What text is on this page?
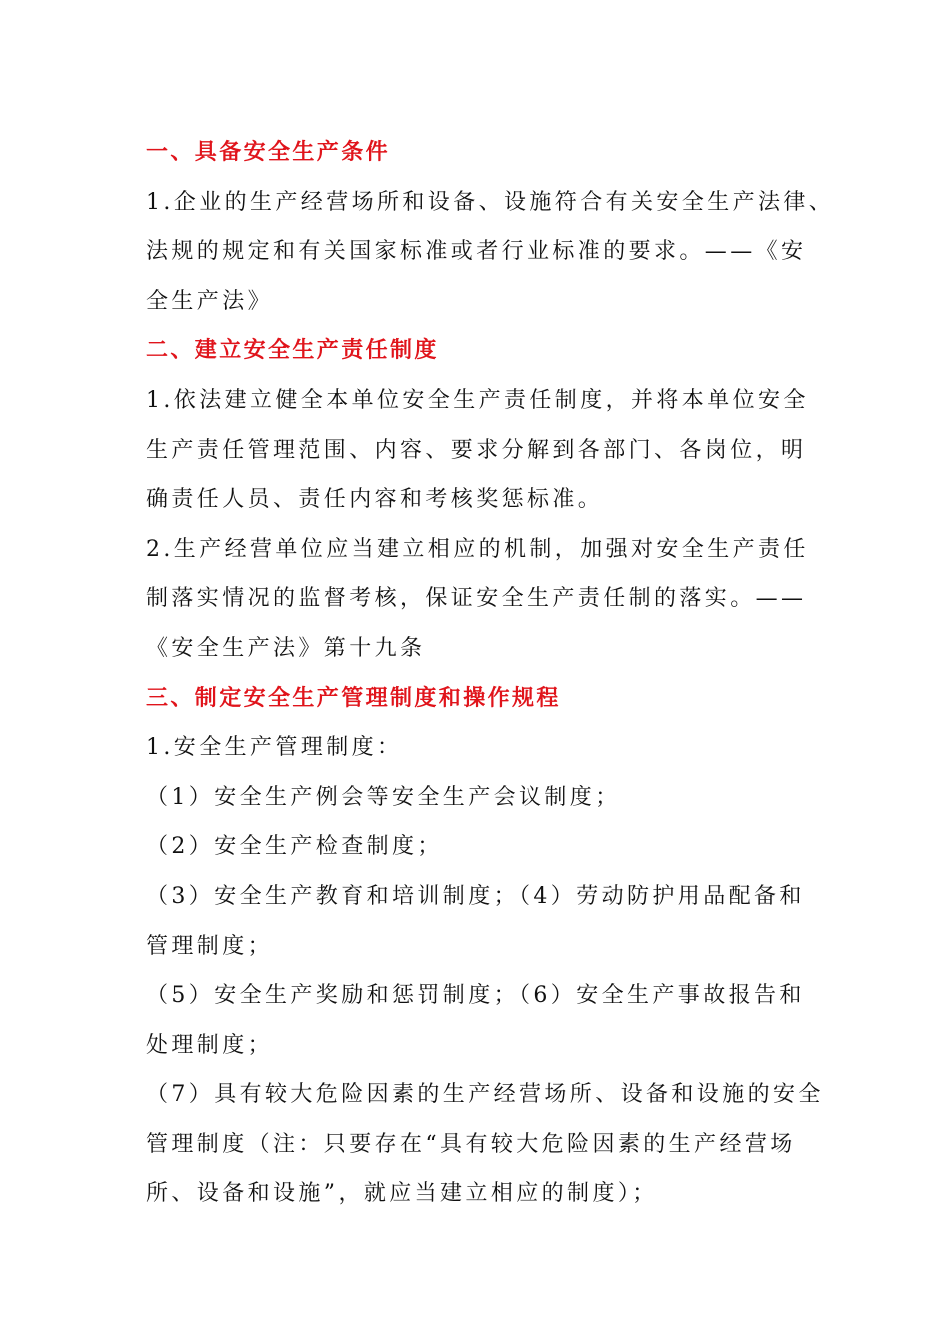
一、具备安全生产条件
1.企业的生产经营场所和设备、设施符合有关安全生产法律、
法规的规定和有关国家标准或者行业标准的要求。——《安
全生产法》
二、建立安全生产责任制度
1.依法建立健全本单位安全生产责任制度，并将本单位安全
生产责任管理范围、内容、要求分解到各部门、各岗位，明
确责任人员、责任内容和考核奖惩标准。
2.生产经营单位应当建立相应的机制，加强对安全生产责任
制落实情况的监督考核，保证安全生产责任制的落实。——
《安全生产法》第十九条
三、制定安全生产管理制度和操作规程
1.安全生产管理制度：
（1）安全生产例会等安全生产会议制度；
（2）安全生产检查制度；
（3）安全生产教育和培训制度；（4）劳动防护用品配备和
管理制度；
（5）安全生产奖励和惩罚制度；（6）安全生产事故报告和
处理制度；
（7）具有较大危险因素的生产经营场所、设备和设施的安全
管理制度（注：只要存在“具有较大危险因素的生产经营场
所、设备和设施”，就应当建立相应的制度）；
